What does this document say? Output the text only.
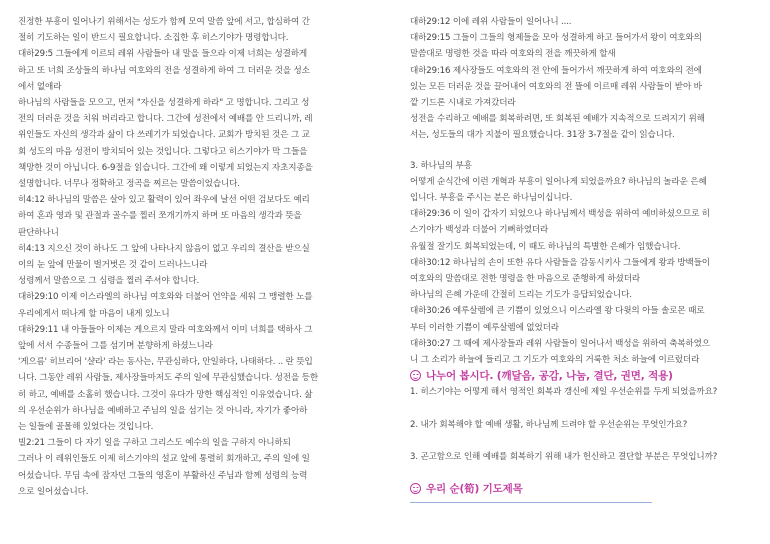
진정한 부흥이 일어나기 위해서는 성도가 함께 모여 말씀 앞에 서고, 합심하여 간

절히 기도하는 일이 반드시 필요합니다. 소집한 후 히스기야가 명령합니다.

대하29:5 그들에게 이르되 레위 사람들아 내 말을 들으라 이제 너희는 성결하게

하고 또 너희 조상들의 하나님 여호와의 전을 성결하게 하여 그 더러운 것을 성소

에서 없애라

하나님의 사람들을 모으고, 먼저 "자신을 성결하게 하라" 고 명합니다. 그리고 성

전의 더러운 것을 치워 버리라고 합니다. 그간에 성전에서 예배를 안 드리니까, 레

위인들도 자신의 생각과 삶이 다 쓰레기가 되었습니다. 교회가 방치된 것은 그 교

회 성도의 마음 성전이 방치되어 있는 것입니다. 그렇다고 히스기야가 막 그들을

책망한 것이 아닙니다. 6-9절을 읽습니다. 그간에 왜 이렇게 되었는지 자초지종을

설명합니다. 너무나 정확하고 정곡을 찌르는 말씀이었습니다.

히4:12 하나님의 말씀은 살아 있고 활력이 있어 좌우에 날선 어떤 검보다도 예리

하여 혼과 영과 및 관절과 골수를 찔러 쪼개기까지 하며 또 마음의 생각과 뜻을

판단하나니

히4:13 지으신 것이 하나도 그 앞에 나타나지 않음이 없고 우리의 결산을 받으실

이의 눈 앞에 만물이 벌거벗은 것 같이 드러나느니라

성령께서 말씀으로 그 심령을 찔러 주셔야 합니다.

대하29:10 이제 이스라엘의 하나님 여호와와 더불어 언약을 세워 그 맹렬한 노를

우리에게서 떠나게 할 마음이 내게 있노니

대하29:11 내 아들들아 이제는 게으르지 말라 여호와께서 이미 너희를 택하사 그

앞에 서서 수종들어 그를 섬기며 분향하게 하셨느니라

'게으름' 히브리어 '샬라' 라는 동사는, 무관심하다, 안일하다, 나태하다. .. 란 뜻입

니다. 그동안 레위 사람들, 제사장들마저도 주의 일에 무관심했습니다. 성전을 등한

히 하고, 예배를 소홀히 했습니다. 그것이 유다가 망한 핵심적인 이유였습니다. 삶

의 우선순위가 하나님을 예배하고 주님의 일을 섬기는 것 아니라, 자기가 좋아하

는 일들에 골몰해 있었다는 것입니다.

빌2:21 그들이 다 자기 일을 구하고 그리스도 예수의 일을 구하지 아니하되

그러나 이 레위인들도 이제 히스기야의 설교 앞에 통렬히 회개하고, 주의 일에 일

어섰습니다. 무딤 속에 잠자던 그들의 영혼이 부활하신 주님과 함께 성령의 능력

으로 일어섰습니다.

대하29:12 이에 레위 사람들이 일어나니 ....

대하29:15 그들이 그들의 형제들을 모아 성결하게 하고 들어가서 왕이 여호와의

말씀대로 명령한 것을 따라 여호와의 전을 깨끗하게 할새

대하29:16 제사장들도 여호와의 전 안에 들어가서 깨끗하게 하여 여호와의 전에

있는 모든 더러운 것을 끌어내어 여호와의 전 뜰에 이르매 레위 사람들이 받아 바

깥 기드론 시내로 가져갔더라

성전을 수리하고 예배를 회복하려면, 또 회복된 예배가 지속적으로 드려지기 위해

서는, 성도들의 대가 지불이 필요했습니다. 31장 3-7절을 같이 읽습니다.

3. 하나님의 부흥

어떻게 순식간에 이런 개혁과 부흥이 일어나게 되었을까요? 하나님의 놀라운 은혜

입니다. 부흥을 주시는 분은 하나님이십니다.

대하29:36 이 일이 갑자기 되었으나 하나님께서 백성을 위하여 예비하셨으므로 히

스기야가 백성과 더불어 기뻐하였더라

유월절 잘기도 회복되었는데, 이 때도 하나님의 특별한 은혜가 임했습니다.

대하30:12 하나님의 손이 또한 유다 사람들을 감동시키사 그들에게 왕과 방백들이

여호와의 말씀대로 전한 명령을 한 마음으로 준행하게 하셨더라

하나님의 은혜 가운데 간절히 드리는 기도가 응답되었습니다.

대하30:26 예루살렘에 큰 기쁨이 있었으니 이스라엘 왕 다윗의 아들 솔로몬 때로

부터 이러한 기쁨이 예루살렘에 없었더라

대하30:27 그 때에 제사장들과 레위 사람들이 일어나서 백성을 위하여 축복하였으

니 그 소리가 하늘에 들리고 그 기도가 여호와의 거룩한 처소 하늘에 이르렀더라

나누어 봅시다. (깨달음, 공감, 나눔, 결단, 권면, 적용)

1. 히스기야는 어떻게 해서 영적인 회복과 갱신에 제일 우선순위를 두게 되었을까요?

2. 내가 회복해야 할 예배 생활, 하나님께 드려야 할 우선순위는 무엇인가요?

3. 곤고함으로 인해 예배를 회복하기 위해 내가 헌신하고 결단할 부분은 무엇입니까?

우리 순(筍) 기도제목
